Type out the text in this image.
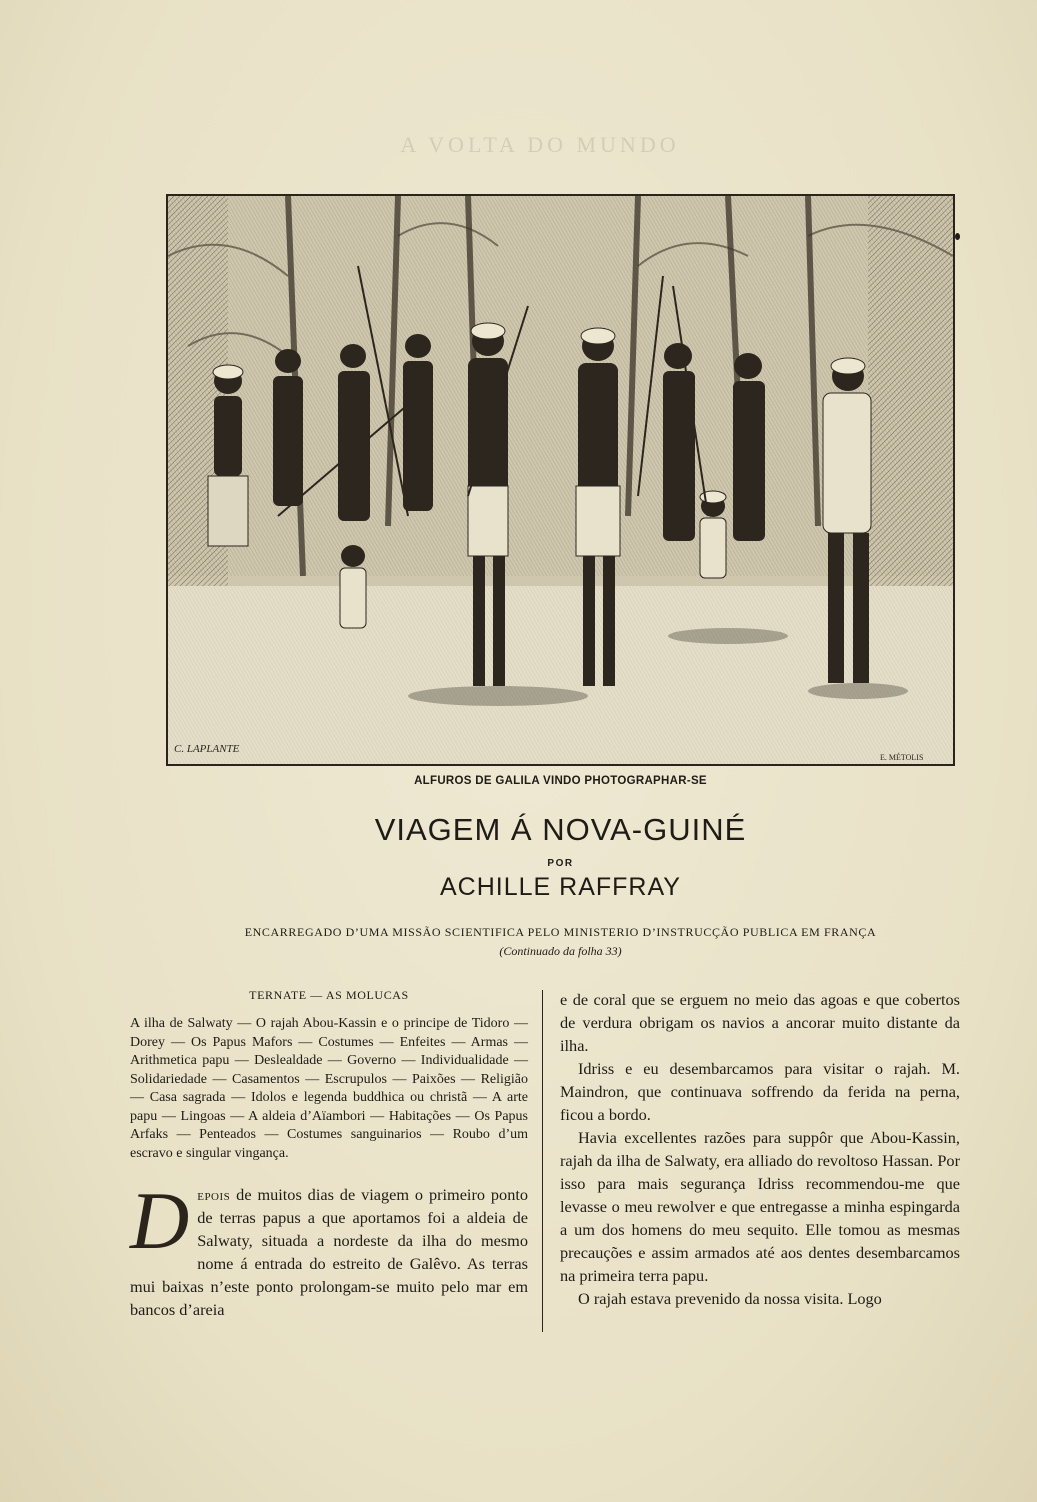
A VOLTA DO MUNDO
C. LAPLANTE
E. MÉTOLIS
ALFUROS DE GALILA VINDO PHOTOGRAPHAR-SE
VIAGEM Á NOVA-GUINÉ
POR
ACHILLE RAFFRAY
ENCARREGADO D’UMA MISSÃO SCIENTIFICA PELO MINISTERIO D’INSTRUCÇÃO PUBLICA EM FRANÇA
(Continuado da folha 33)
TERNATE — AS MOLUCAS

A ilha de Salwaty — O rajah Abou-Kassin e o principe de Tidoro — Dorey — Os Papus Mafors — Costumes — Enfeites — Armas — Arithmetica papu — Deslealdade — Governo — Individualidade — Solidariedade — Casamentos — Escrupulos — Paixões — Religião — Casa sagrada — Idolos e legenda buddhica ou christã — A arte papu — Lingoas — A aldeia d’Aïambori — Habitações — Os Papus Arfaks — Penteados — Costumes sanguinarios — Roubo d’um escravo e singular vingança.

Depois de muitos dias de viagem o primeiro ponto de terras papus a que aportamos foi a aldeia de Salwaty, situada a nordeste da ilha do mesmo nome á entrada do estreito de Galêvo. As terras mui baixas n’este ponto prolongam-se muito pelo mar em bancos d’areia

e de coral que se erguem no meio das agoas e que cobertos de verdura obrigam os navios a ancorar muito distante da ilha.

Idriss e eu desembarcamos para visitar o rajah. M. Maindron, que continuava soffrendo da ferida na perna, ficou a bordo.

Havia excellentes razões para suppôr que Abou-Kassin, rajah da ilha de Salwaty, era alliado do revoltoso Hassan. Por isso para mais segurança Idriss recommendou-me que levasse o meu rewolver e que entregasse a minha espingarda a um dos homens do meu sequito. Elle tomou as mesmas precauções e assim armados até aos dentes desembarcamos na primeira terra papu.

O rajah estava prevenido da nossa visita. Logo
